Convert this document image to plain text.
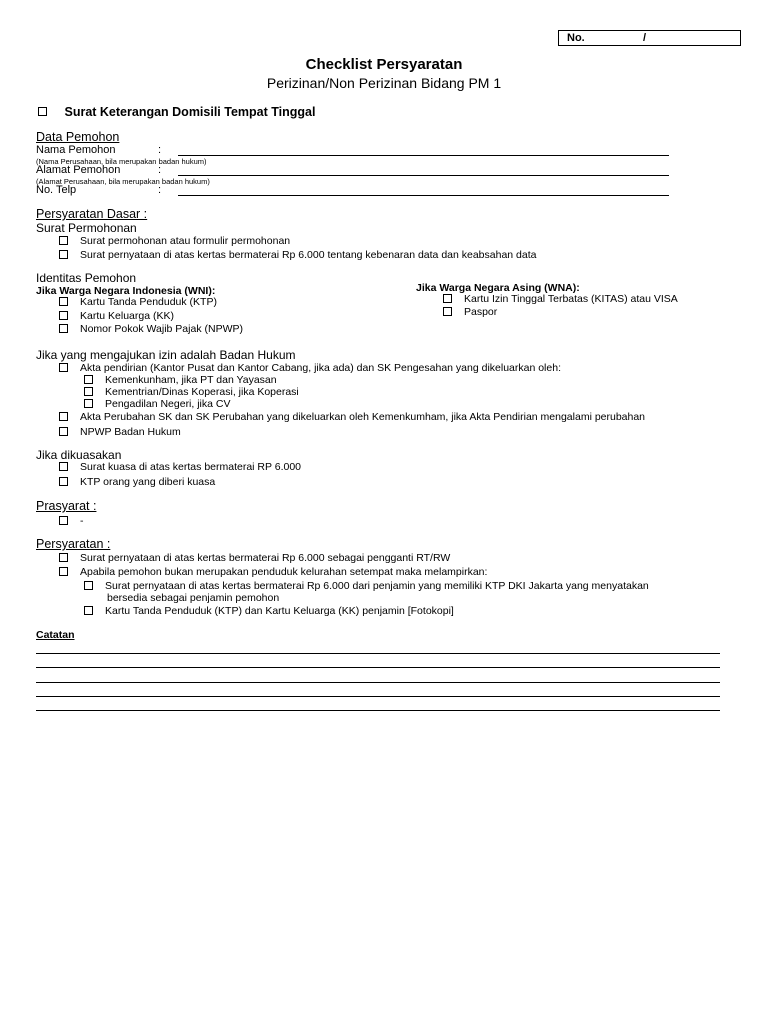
No.	/
Checklist Persyaratan
Perizinan/Non Perizinan Bidang PM 1
Surat Keterangan Domisili Tempat Tinggal
Data Pemohon
Nama Pemohon	:
(Nama Perusahaan, bila merupakan badan hukum)
Alamat Pemohon	:
(Alamat Perusahaan, bila merupakan badan hukum)
No. Telp	:
Persyaratan Dasar :
Surat Permohonan
Surat permohonan atau formulir permohonan
Surat pernyataan di atas kertas bermaterai Rp 6.000 tentang kebenaran data dan keabsahan data
Identitas Pemohon
Jika Warga Negara Indonesia (WNI):	Jika Warga Negara Asing (WNA):
Kartu Tanda Penduduk (KTP)
Kartu Keluarga (KK)
Nomor Pokok Wajib Pajak (NPWP)
Kartu Izin Tinggal Terbatas (KITAS) atau VISA
Paspor
Jika yang mengajukan izin adalah Badan Hukum
Akta pendirian (Kantor Pusat dan Kantor Cabang, jika ada) dan SK Pengesahan yang dikeluarkan oleh:
Kemenkunham, jika PT dan Yayasan
Kementrian/Dinas Koperasi, jika Koperasi
Pengadilan Negeri, jika CV
Akta Perubahan SK dan SK Perubahan yang dikeluarkan oleh Kemenkumham, jika Akta Pendirian mengalami perubahan
NPWP Badan Hukum
Jika dikuasakan
Surat kuasa di atas kertas bermaterai RP 6.000
KTP orang yang diberi kuasa
Prasyarat :
-
Persyaratan :
Surat pernyataan di atas kertas bermaterai Rp 6.000 sebagai pengganti RT/RW
Apabila pemohon bukan merupakan penduduk kelurahan setempat maka melampirkan:
Surat pernyataan di atas kertas bermaterai Rp 6.000 dari penjamin yang memiliki KTP DKI Jakarta yang menyatakan
bersedia sebagai penjamin pemohon
Kartu Tanda Penduduk (KTP) dan Kartu Keluarga (KK) penjamin [Fotokopi]
Catatan
